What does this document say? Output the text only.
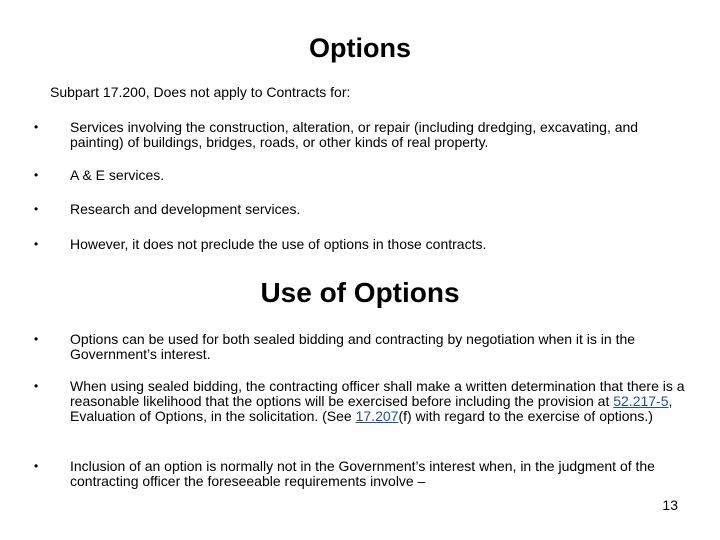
Options

Subpart 17.200, Does not apply to Contracts for:

• Services involving the construction, alteration, or repair (including dredging, excavating, and painting) of buildings, bridges, roads, or other kinds of real property.
• A & E services.
• Research and development services.
• However, it does not preclude the use of options in those contracts.
Use of Options
• Options can be used for both sealed bidding and contracting by negotiation when it is in the Government’s interest.
• When using sealed bidding, the contracting officer shall make a written determination that there is a reasonable likelihood that the options will be exercised before including the provision at 52.217-5, Evaluation of Options, in the solicitation. (See 17.207(f) with regard to the exercise of options.)
• Inclusion of an option is normally not in the Government’s interest when, in the judgment of the contracting officer the foreseeable requirements involve –
13
